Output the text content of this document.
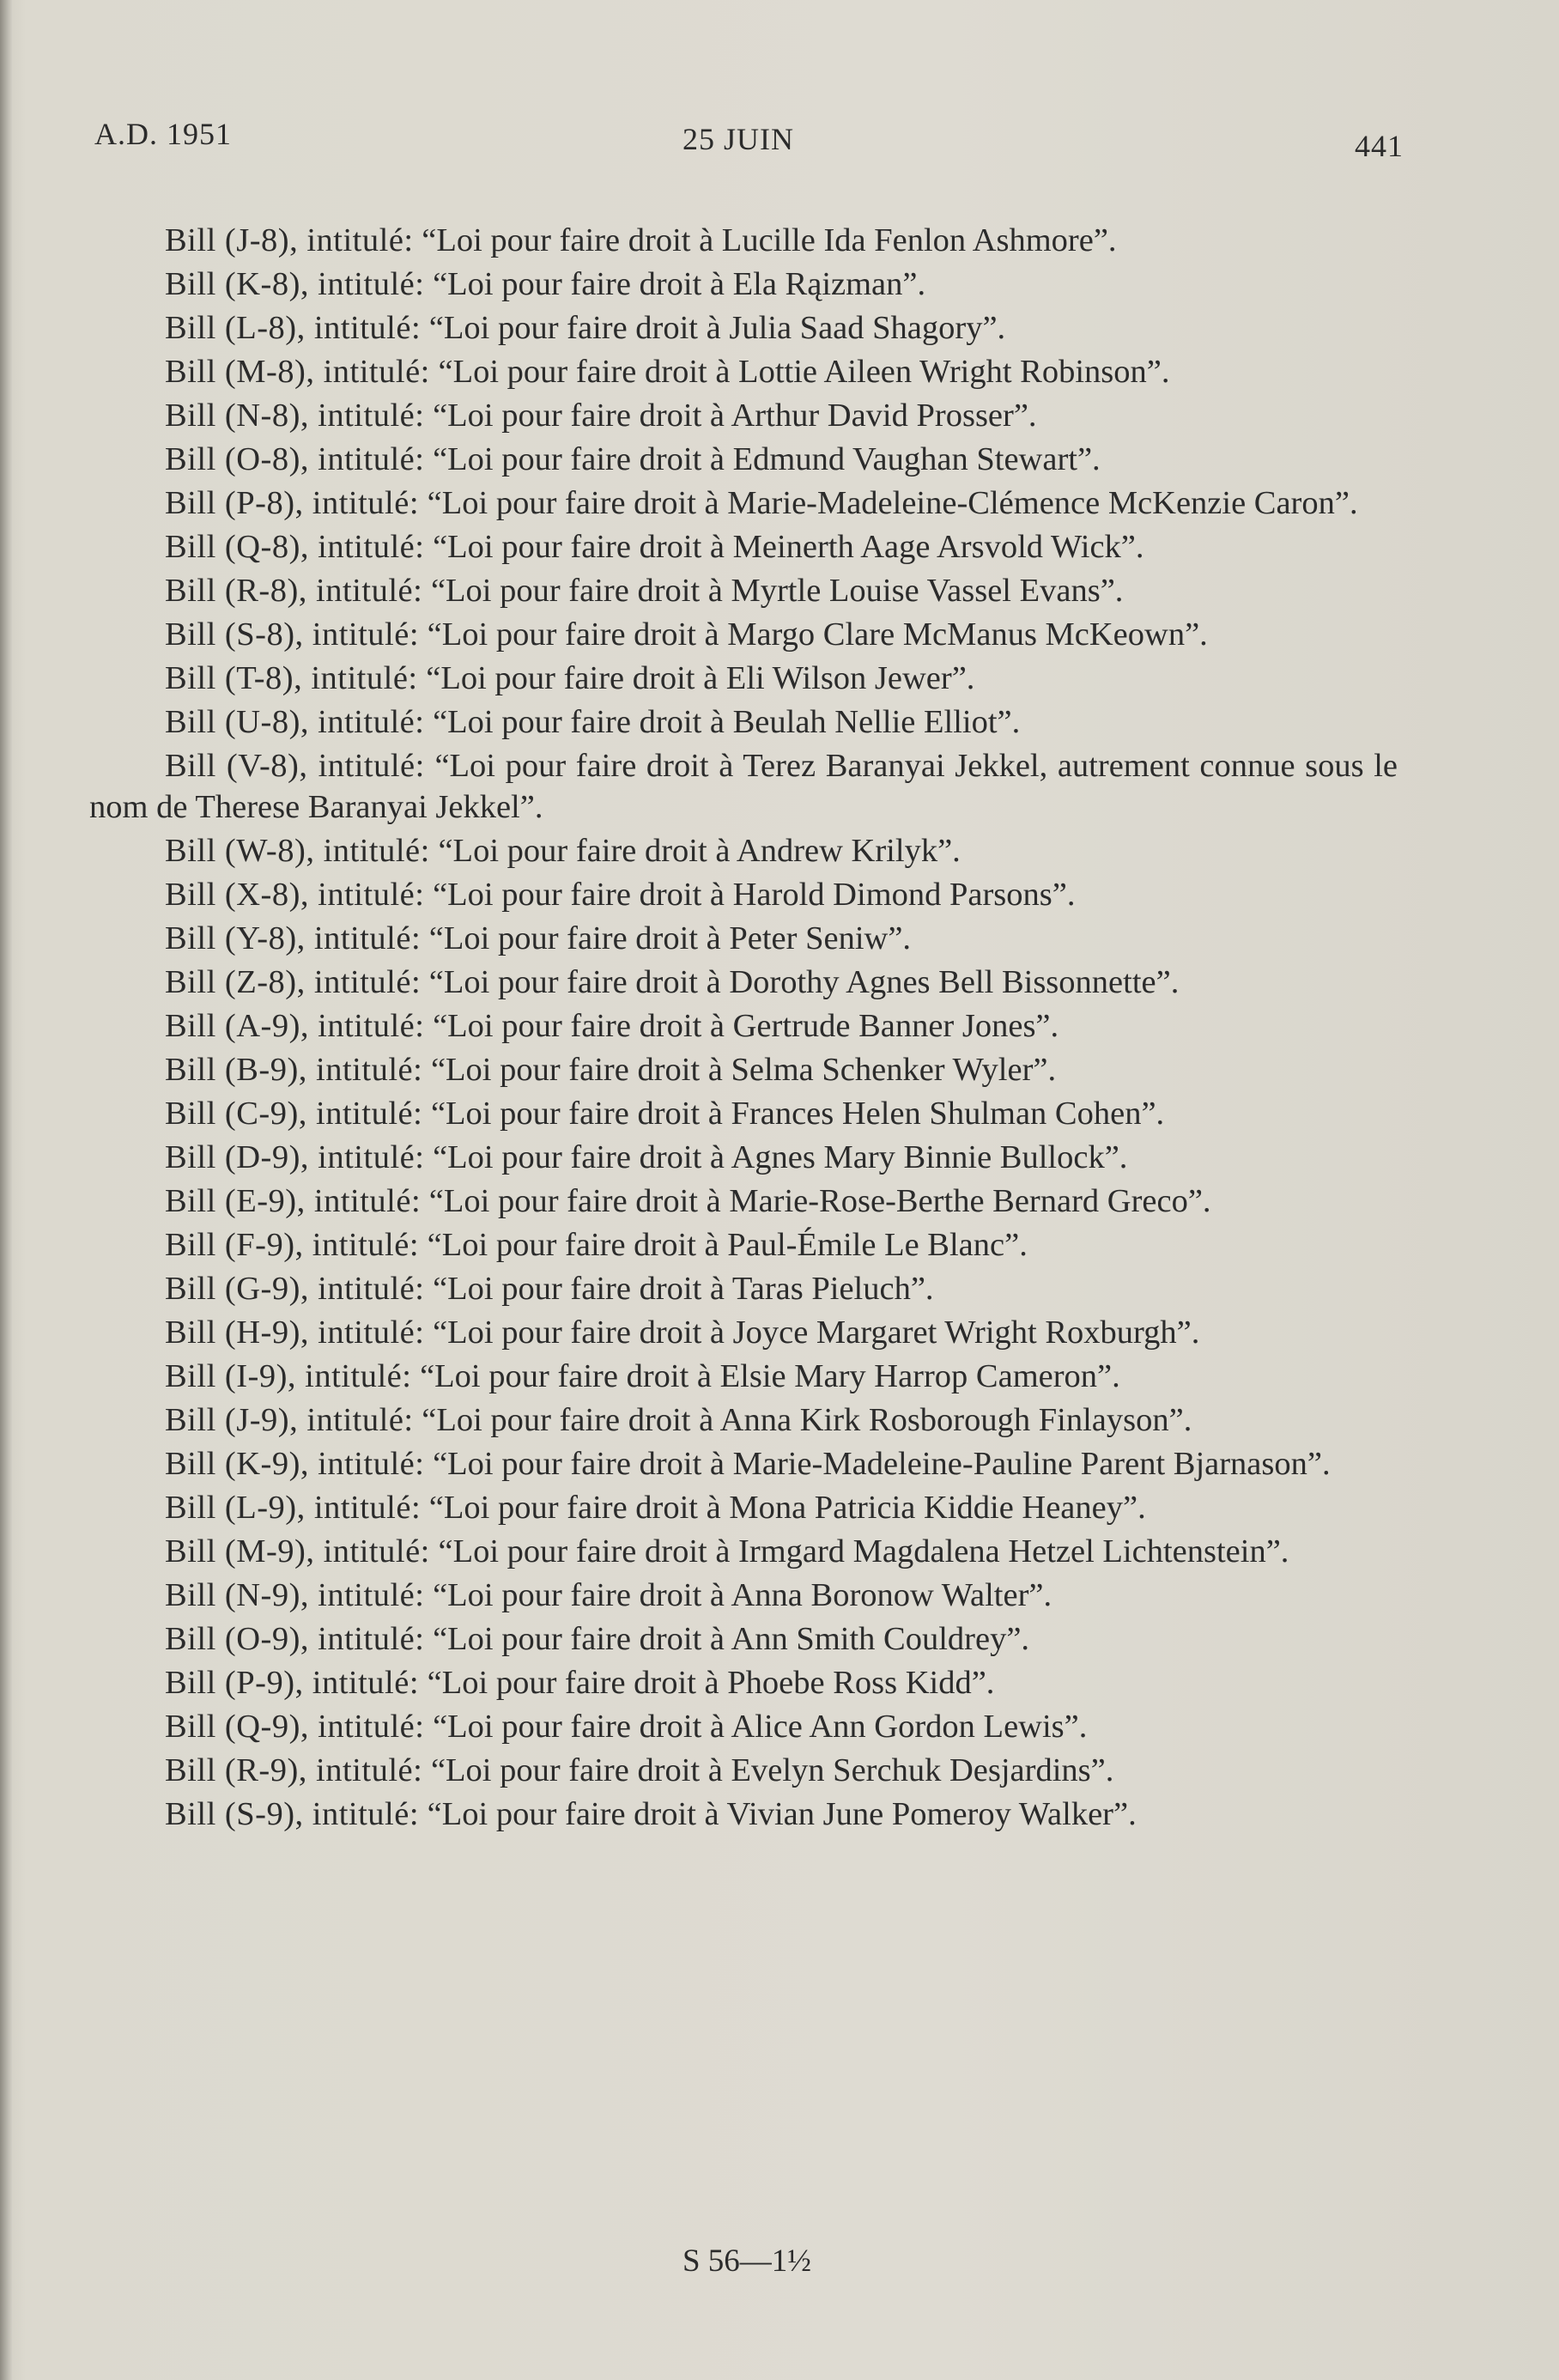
A.D. 1951	25 JUIN	441

Bill (J-8), intitulé: “Loi pour faire droit à Lucille Ida Fenlon Ashmore”.

Bill (K-8), intitulé: “Loi pour faire droit à Ela Rąizman”.

Bill (L-8), intitulé: “Loi pour faire droit à Julia Saad Shagory”.

Bill (M-8), intitulé: “Loi pour faire droit à Lottie Aileen Wright Robinson”.

Bill (N-8), intitulé: “Loi pour faire droit à Arthur David Prosser”.

Bill (O-8), intitulé: “Loi pour faire droit à Edmund Vaughan Stewart”.

Bill (P-8), intitulé: “Loi pour faire droit à Marie-Madeleine-Clémence McKenzie Caron”.

Bill (Q-8), intitulé: “Loi pour faire droit à Meinerth Aage Arsvold Wick”.

Bill (R-8), intitulé: “Loi pour faire droit à Myrtle Louise Vassel Evans”.

Bill (S-8), intitulé: “Loi pour faire droit à Margo Clare McManus McKeown”.

Bill (T-8), intitulé: “Loi pour faire droit à Eli Wilson Jewer”.

Bill (U-8), intitulé: “Loi pour faire droit à Beulah Nellie Elliot”.

Bill (V-8), intitulé: “Loi pour faire droit à Terez Baranyai Jekkel, autrement connue sous le nom de Therese Baranyai Jekkel”.

Bill (W-8), intitulé: “Loi pour faire droit à Andrew Krilyk”.

Bill (X-8), intitulé: “Loi pour faire droit à Harold Dimond Parsons”.

Bill (Y-8), intitulé: “Loi pour faire droit à Peter Seniw”.

Bill (Z-8), intitulé: “Loi pour faire droit à Dorothy Agnes Bell Bissonnette”.

Bill (A-9), intitulé: “Loi pour faire droit à Gertrude Banner Jones”.

Bill (B-9), intitulé: “Loi pour faire droit à Selma Schenker Wyler”.

Bill (C-9), intitulé: “Loi pour faire droit à Frances Helen Shulman Cohen”.

Bill (D-9), intitulé: “Loi pour faire droit à Agnes Mary Binnie Bullock”.

Bill (E-9), intitulé: “Loi pour faire droit à Marie-Rose-Berthe Bernard Greco”.

Bill (F-9), intitulé: “Loi pour faire droit à Paul-Émile Le Blanc”.

Bill (G-9), intitulé: “Loi pour faire droit à Taras Pieluch”.

Bill (H-9), intitulé: “Loi pour faire droit à Joyce Margaret Wright Roxburgh”.

Bill (I-9), intitulé: “Loi pour faire droit à Elsie Mary Harrop Cameron”.

Bill (J-9), intitulé: “Loi pour faire droit à Anna Kirk Rosborough Finlayson”.

Bill (K-9), intitulé: “Loi pour faire droit à Marie-Madeleine-Pauline Parent Bjarnason”.

Bill (L-9), intitulé: “Loi pour faire droit à Mona Patricia Kiddie Heaney”.

Bill (M-9), intitulé: “Loi pour faire droit à Irmgard Magdalena Hetzel Lichtenstein”.

Bill (N-9), intitulé: “Loi pour faire droit à Anna Boronow Walter”.

Bill (O-9), intitulé: “Loi pour faire droit à Ann Smith Couldrey”.

Bill (P-9), intitulé: “Loi pour faire droit à Phoebe Ross Kidd”.

Bill (Q-9), intitulé: “Loi pour faire droit à Alice Ann Gordon Lewis”.

Bill (R-9), intitulé: “Loi pour faire droit à Evelyn Serchuk Desjardins”.

Bill (S-9), intitulé: “Loi pour faire droit à Vivian June Pomeroy Walker”.

S 56—1½
